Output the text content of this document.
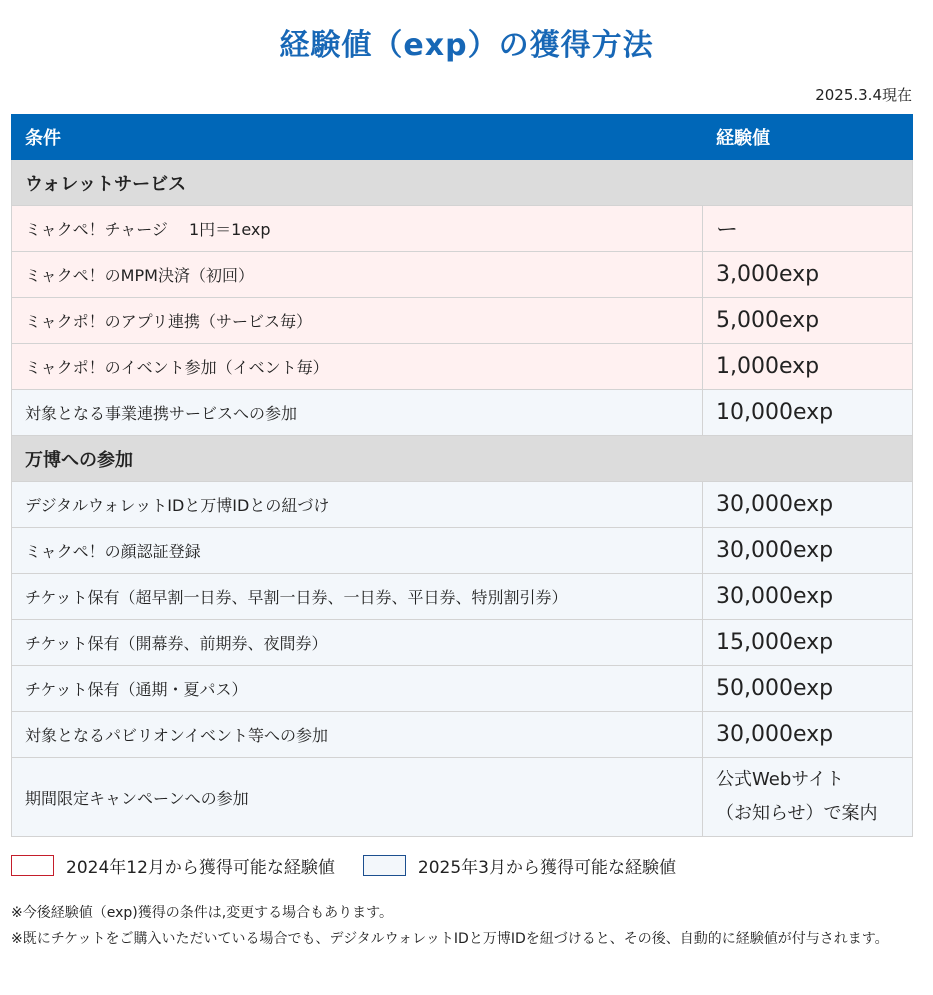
経験値（exp）の獲得方法
2025.3.4現在
条件	経験値
ウォレットサービス	
ミャクペ！チャージ　 1円＝1exp	ー
ミャクペ！のMPM決済（初回）	3,000exp
ミャクポ！のアプリ連携（サービス毎）	5,000exp
ミャクポ！のイベント参加（イベント毎）	1,000exp
対象となる事業連携サービスへの参加	10,000exp
万博への参加	
デジタルウォレットIDと万博IDとの紐づけ	30,000exp
ミャクペ！の顔認証登録	30,000exp
チケット保有（超早割一日券、早割一日券、一日券、平日券、特別割引券）	30,000exp
チケット保有（開幕券、前期券、夜間券）	15,000exp
チケット保有（通期・夏パス）	50,000exp
対象となるパビリオンイベント等への参加	30,000exp
期間限定キャンペーンへの参加	公式Webサイト
（お知らせ）で案内
2024年12月から獲得可能な経験値	2025年3月から獲得可能な経験値
※今後経験値（exp)獲得の条件は,変更する場合もあります。
※既にチケットをご購入いただいている場合でも、デジタルウォレットIDと万博IDを紐づけると、その後、自動的に経験値が付与されます。
